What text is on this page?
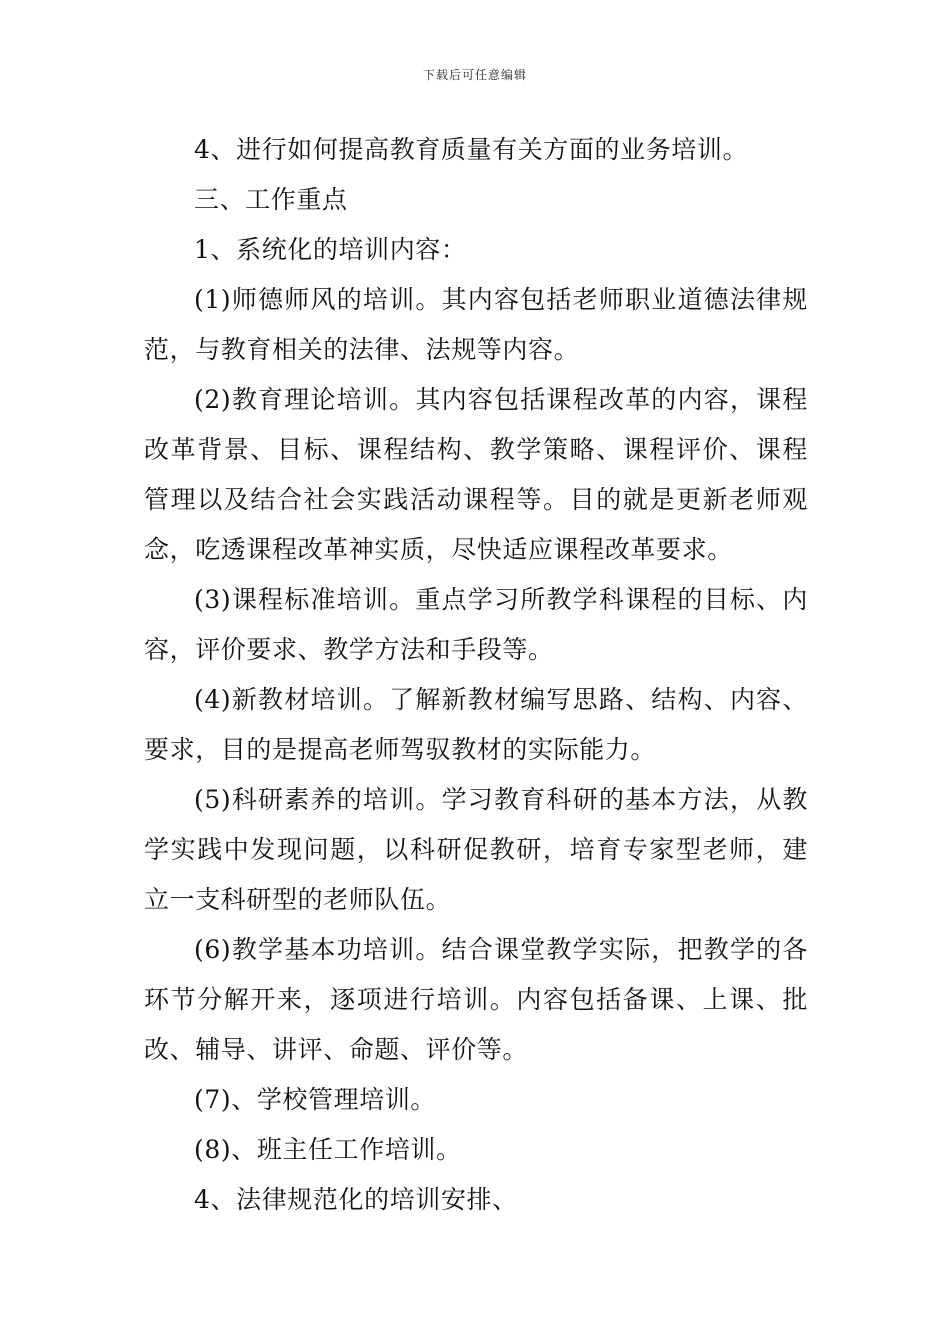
下载后可任意编辑

4、进行如何提高教育质量有关方面的业务培训。

三、工作重点

1、系统化的培训内容：

(1)师德师风的培训。其内容包括老师职业道德法律规范，与教育相关的法律、法规等内容。

(2)教育理论培训。其内容包括课程改革的内容，课程改革背景、目标、课程结构、教学策略、课程评价、课程管理以及结合社会实践活动课程等。目的就是更新老师观念，吃透课程改革神实质，尽快适应课程改革要求。

(3)课程标准培训。重点学习所教学科课程的目标、内容，评价要求、教学方法和手段等。

(4)新教材培训。了解新教材编写思路、结构、内容、要求，目的是提高老师驾驭教材的实际能力。

(5)科研素养的培训。学习教育科研的基本方法，从教学实践中发现问题，以科研促教研，培育专家型老师，建立一支科研型的老师队伍。

(6)教学基本功培训。结合课堂教学实际，把教学的各环节分解开来，逐项进行培训。内容包括备课、上课、批改、辅导、讲评、命题、评价等。

(7)、学校管理培训。

(8)、班主任工作培训。

4、法律规范化的培训安排、
